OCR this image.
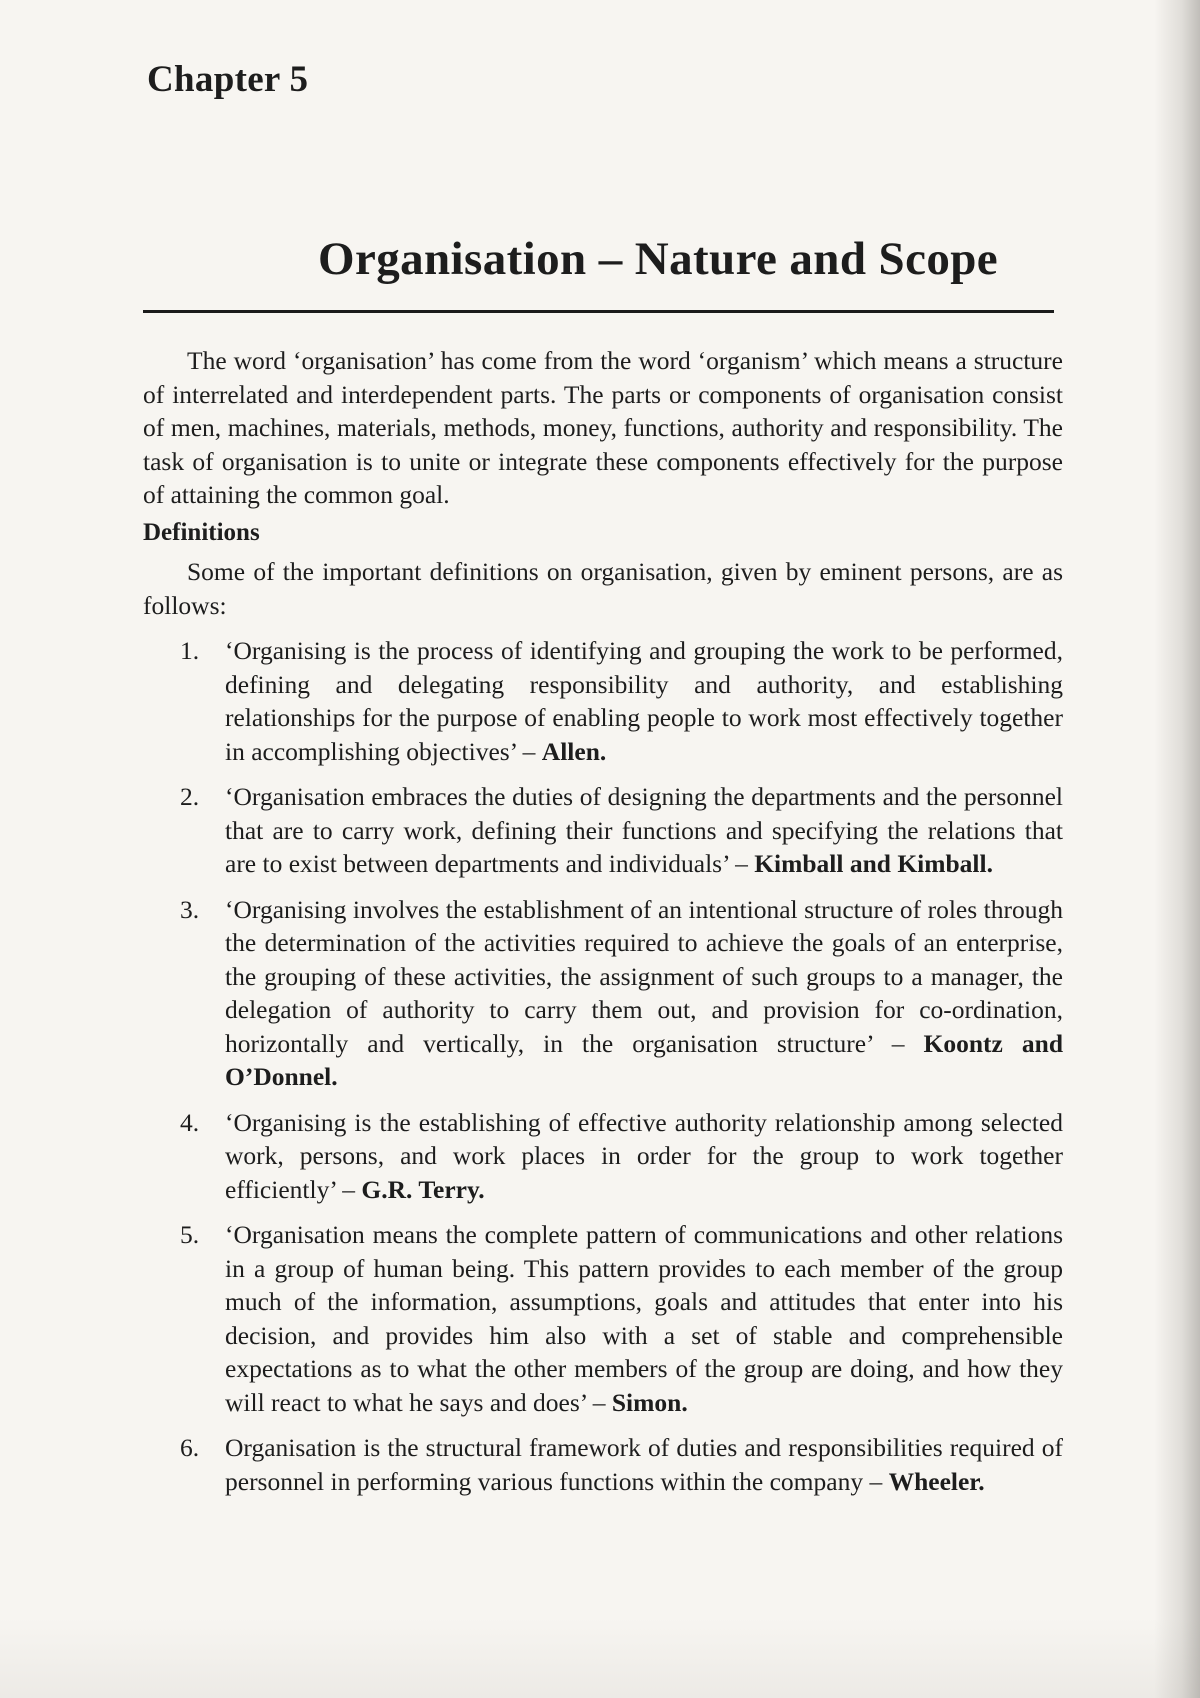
Chapter 5
Organisation – Nature and Scope

The word ‘organisation’ has come from the word ‘organism’ which means a structure of interrelated and interdependent parts. The parts or components of organisation consist of men, machines, materials, methods, money, functions, authority and responsibility. The task of organisation is to unite or integrate these components effectively for the purpose of attaining the common goal.

Definitions

Some of the important definitions on organisation, given by eminent persons, are as follows:

1. ‘Organising is the process of identifying and grouping the work to be performed, defining and delegating responsibility and authority, and establishing relationships for the purpose of enabling people to work most effectively together in accomplishing objectives’ – Allen.
2. ‘Organisation embraces the duties of designing the departments and the personnel that are to carry work, defining their functions and specifying the relations that are to exist between departments and individuals’ – Kimball and Kimball.
3. ‘Organising involves the establishment of an intentional structure of roles through the determination of the activities required to achieve the goals of an enterprise, the grouping of these activities, the assignment of such groups to a manager, the delegation of authority to carry them out, and provision for co-ordination, horizontally and vertically, in the organisation structure’ – Koontz and O’Donnel.
4. ‘Organising is the establishing of effective authority relationship among selected work, persons, and work places in order for the group to work together efficiently’ – G.R. Terry.
5. ‘Organisation means the complete pattern of communications and other relations in a group of human being. This pattern provides to each member of the group much of the information, assumptions, goals and attitudes that enter into his decision, and provides him also with a set of stable and comprehensible expectations as to what the other members of the group are doing, and how they will react to what he says and does’ – Simon.
6. Organisation is the structural framework of duties and responsibilities required of personnel in performing various functions within the company – Wheeler.
